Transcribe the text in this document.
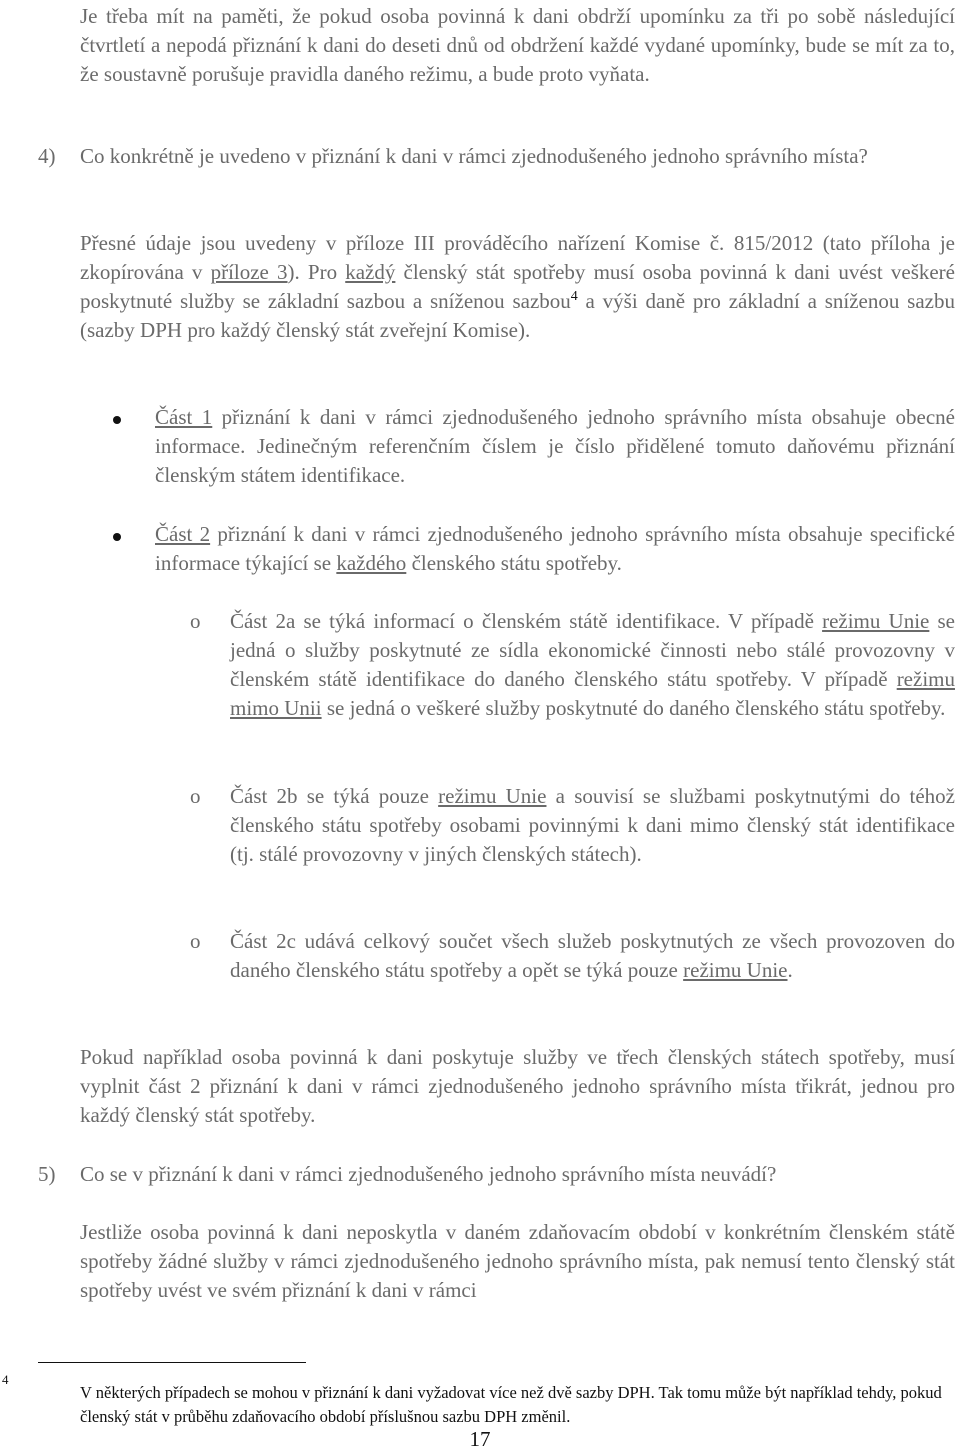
Je třeba mít na paměti, že pokud osoba povinná k dani obdrží upomínku za tři po sobě následující čtvrtletí a nepodá přiznání k dani do deseti dnů od obdržení každé vydané upomínky, bude se mít za to, že soustavně porušuje pravidla daného režimu, a bude proto vyňata.

4) Co konkrétně je uvedeno v přiznání k dani v rámci zjednodušeného jednoho správního místa?

Přesné údaje jsou uvedeny v příloze III prováděcího nařízení Komise č. 815/2012 (tato příloha je zkopírována v příloze 3). Pro každý členský stát spotřeby musí osoba povinná k dani uvést veškeré poskytnuté služby se základní sazbou a sníženou sazbou$^4$ a výši daně pro základní a sníženou sazbu (sazby DPH pro každý členský stát zveřejní Komise).

Část 1 přiznání k dani v rámci zjednodušeného jednoho správního místa obsahuje obecné informace. Jedinečným referenčním číslem je číslo přidělené tomuto daňovému přiznání členským státem identifikace.

Část 2 přiznání k dani v rámci zjednodušeného jednoho správního místa obsahuje specifické informace týkající se každého členského státu spotřeby.

o Část 2a se týká informací o členském státě identifikace. V případě režimu Unie se jedná o služby poskytnuté ze sídla ekonomické činnosti nebo stálé provozovny v členském státě identifikace do daného členského státu spotřeby. V případě režimu mimo Unii se jedná o veškeré služby poskytnuté do daného členského státu spotřeby.

o Část 2b se týká pouze režimu Unie a souvisí se službami poskytnutými do téhož členského státu spotřeby osobami povinnými k dani mimo členský stát identifikace (tj. stálé provozovny v jiných členských státech).

o Část 2c udává celkový součet všech služeb poskytnutých ze všech provozoven do daného členského státu spotřeby a opět se týká pouze režimu Unie.

Pokud například osoba povinná k dani poskytuje služby ve třech členských státech spotřeby, musí vyplnit část 2 přiznání k dani v rámci zjednodušeného jednoho správního místa třikrát, jednou pro každý členský stát spotřeby.

5) Co se v přiznání k dani v rámci zjednodušeného jednoho správního místa neuvádí?

Jestliže osoba povinná k dani neposkytla v daném zdaňovacím období v konkrétním členském státě spotřeby žádné služby v rámci zjednodušeného jednoho správního místa, pak nemusí tento členský stát spotřeby uvést ve svém přiznání k dani v rámci

4

V některých případech se mohou v přiznání k dani vyžadovat více než dvě sazby DPH. Tak tomu může být například tehdy, pokud členský stát v průběhu zdaňovacího období příslušnou sazbu DPH změnil.

17
